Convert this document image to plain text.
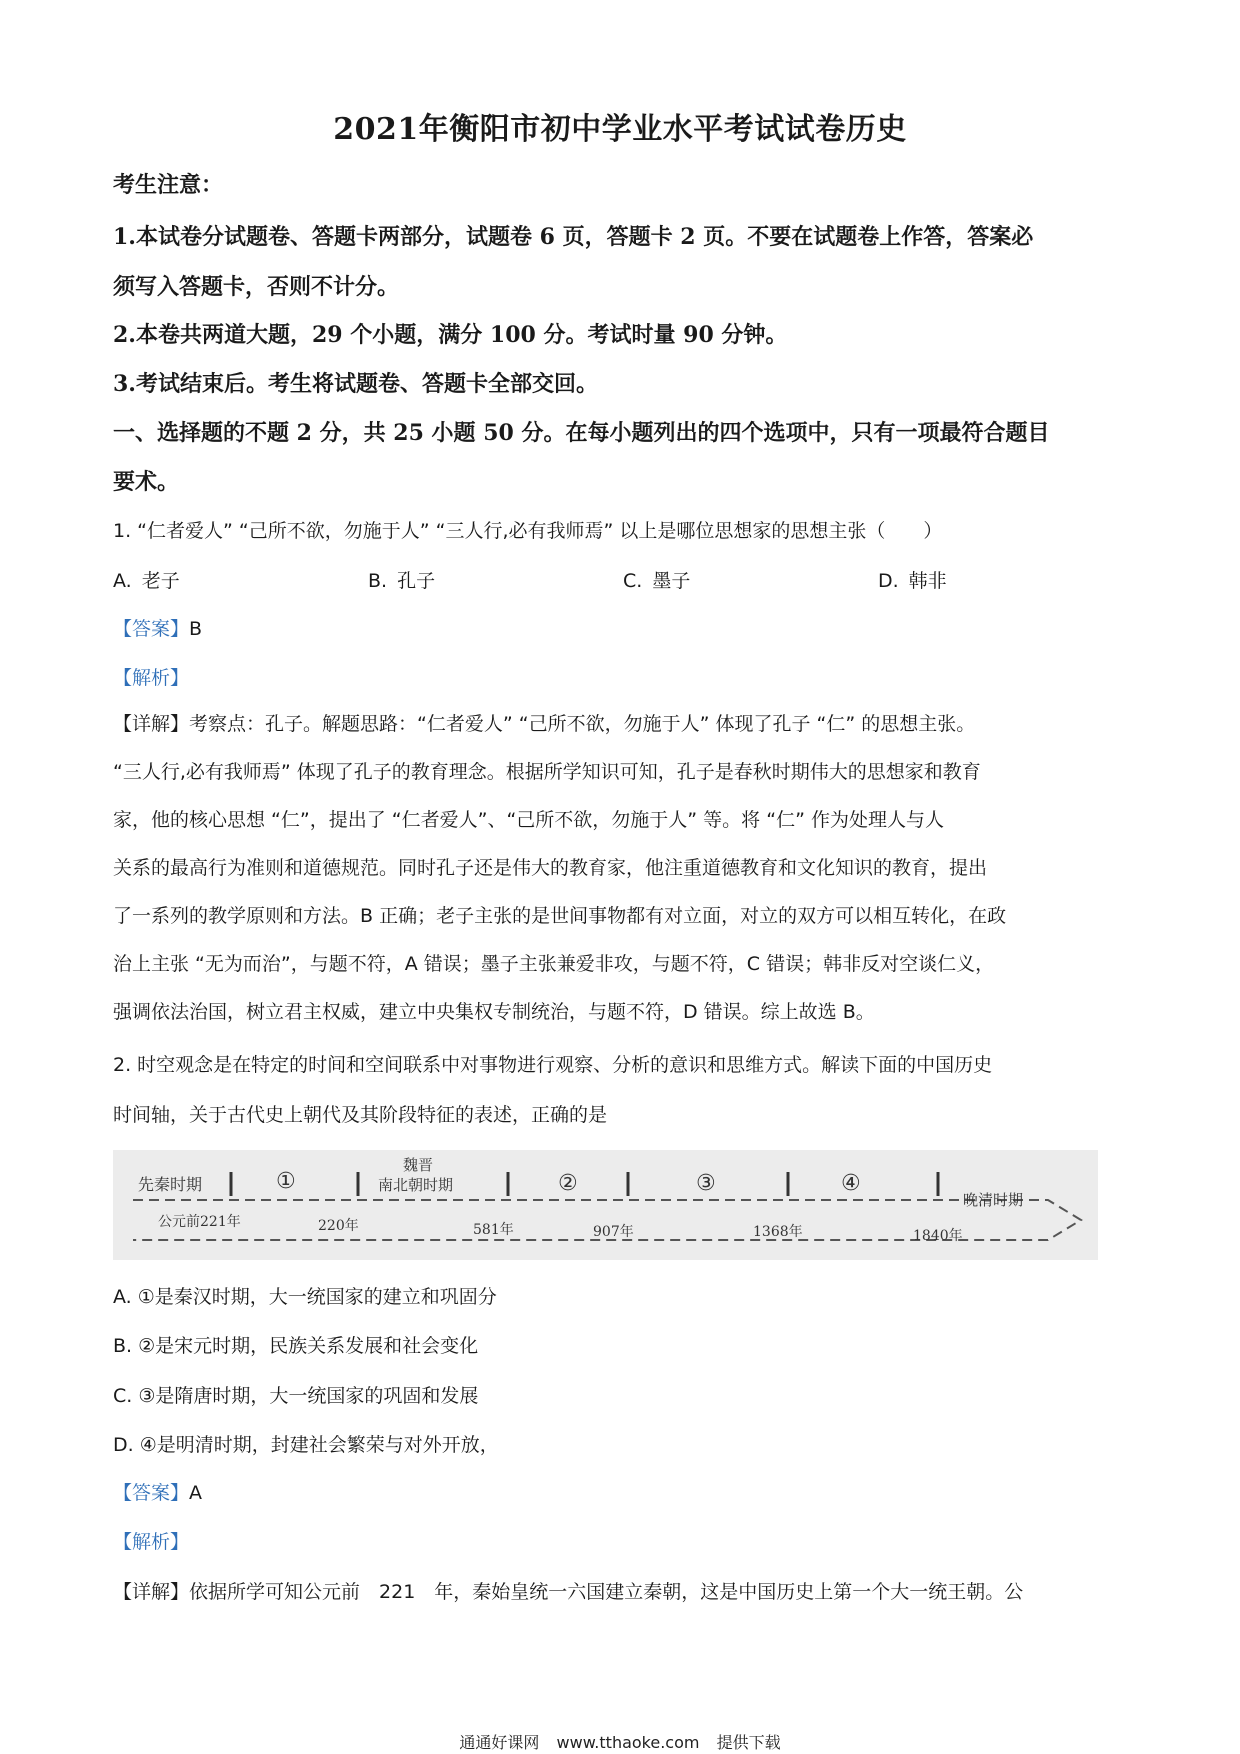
2021年衡阳市初中学业水平考试试卷历史
考生注意：
1.本试卷分试题卷、答题卡两部分，试题卷 6 页，答题卡 2 页。不要在试题卷上作答，答案必
须写入答题卡，否则不计分。
2.本卷共两道大题，29 个小题，满分 100 分。考试时量 90 分钟。
3.考试结束后。考生将试题卷、答题卡全部交回。
一、选择题的不题 2 分，共 25 小题 50 分。在每小题列出的四个选项中，只有一项最符合题目
要术。
1. “仁者爱人” “己所不欲，勿施于人” “三人行,必有我师焉” 以上是哪位思想家的思想主张（　　）
A. 老子	B. 孔子	C. 墨子	D. 韩非
【答案】B
【解析】
【详解】考察点：孔子。解题思路：“仁者爱人” “己所不欲，勿施于人” 体现了孔子 “仁” 的思想主张。
“三人行,必有我师焉” 体现了孔子的教育理念。根据所学知识可知，孔子是春秋时期伟大的思想家和教育
家，他的核心思想 “仁”，提出了 “仁者爱人”、“己所不欲，勿施于人” 等。将 “仁” 作为处理人与人
关系的最高行为准则和道德规范。同时孔子还是伟大的教育家，他注重道德教育和文化知识的教育，提出
了一系列的教学原则和方法。B 正确；老子主张的是世间事物都有对立面，对立的双方可以相互转化，在政
治上主张 “无为而治”，与题不符，A 错误；墨子主张兼爱非攻，与题不符，C 错误；韩非反对空谈仁义，
强调依法治国，树立君主权威，建立中央集权专制统治，与题不符，D 错误。综上故选 B。
2. 时空观念是在特定的时间和空间联系中对事物进行观察、分析的意识和思维方式。解读下面的中国历史
时间轴，关于古代史上朝代及其阶段特征的表述，正确的是
先秦时期	①
魏晋
南北朝时期	②	③	④
晚清时期
公元前221年	220年	581年	907年	1368年	1840年
A. ①是秦汉时期，大一统国家的建立和巩固分
B. ②是宋元时期，民族关系发展和社会变化
C. ③是隋唐时期，大一统国家的巩固和发展
D. ④是明清时期，封建社会繁荣与对外开放，
【答案】A
【解析】
【详解】依据所学可知公元前　221　年，秦始皇统一六国建立秦朝，这是中国历史上第一个大一统王朝。公
通通好课网 www.tthaoke.com 提供下载
